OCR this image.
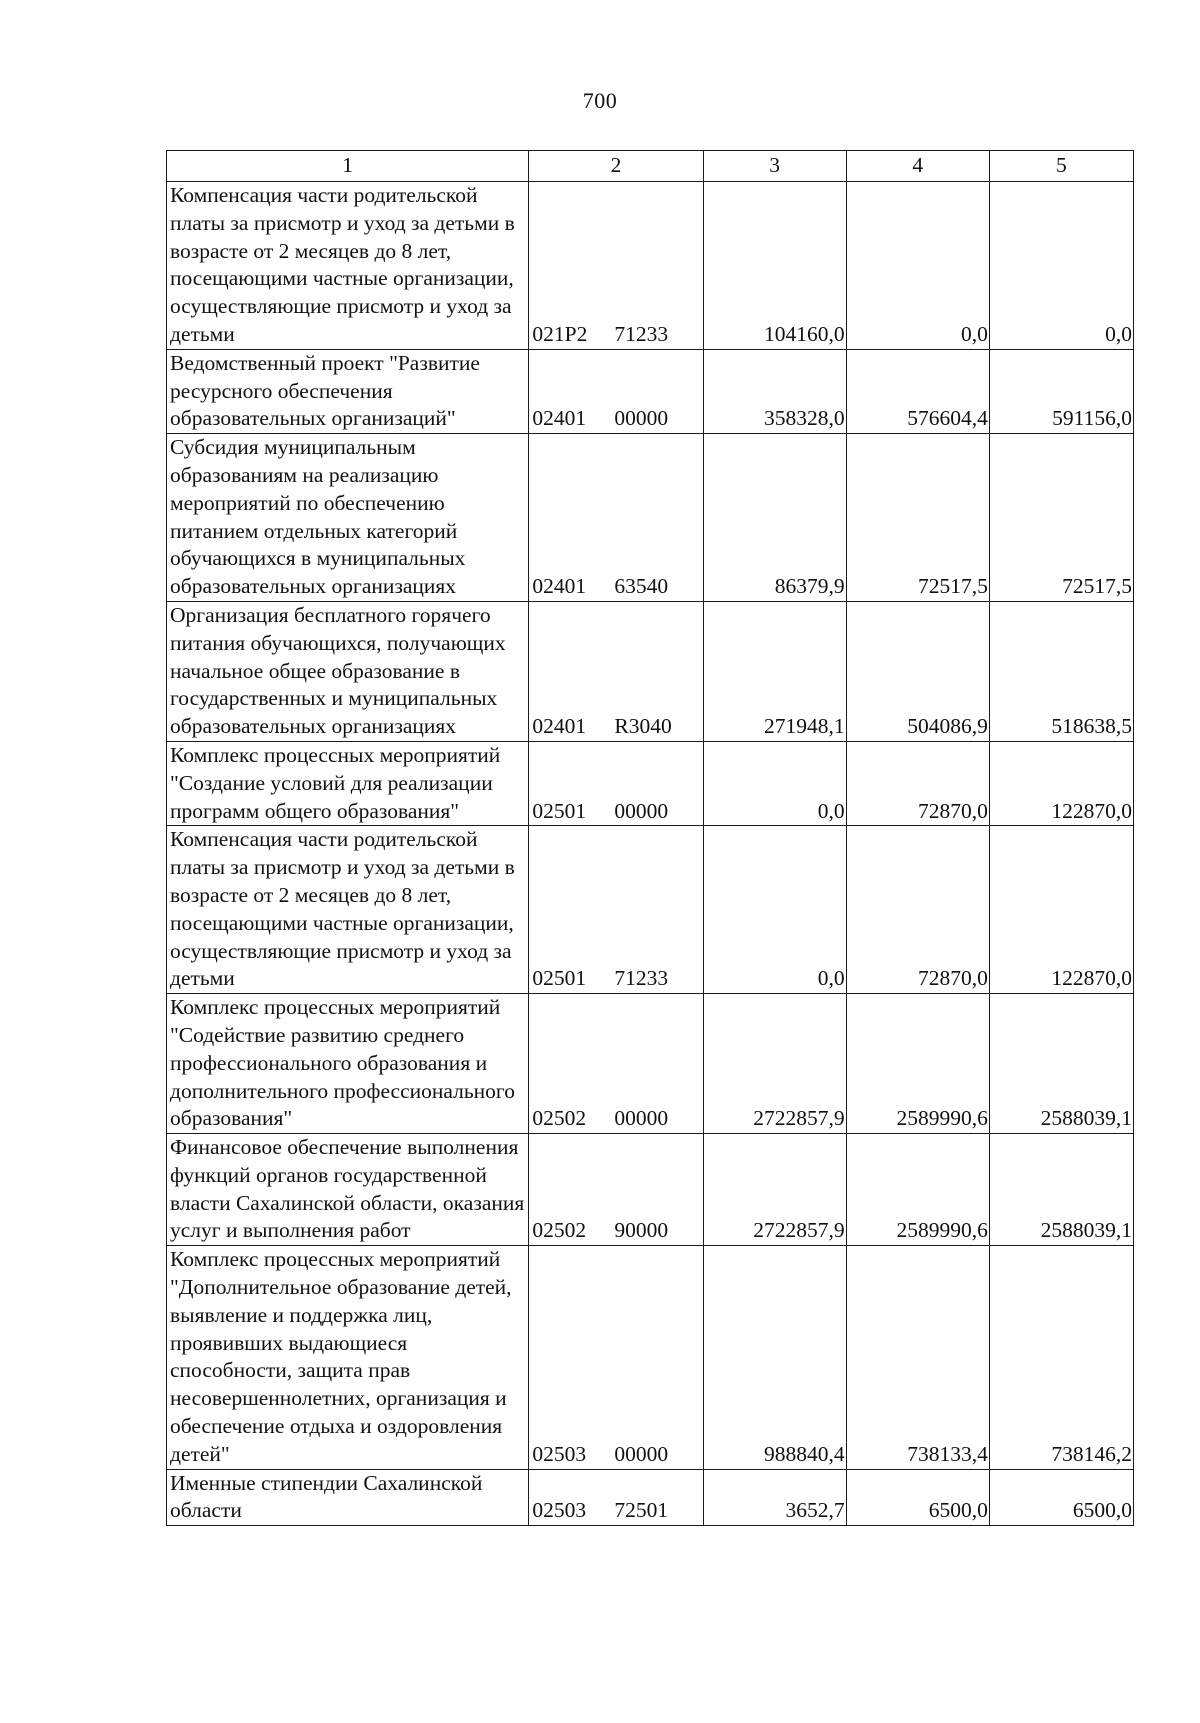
700
1	2	3	4	5
Компенсация части родительской платы за присмотр и уход за детьми в возрасте от 2 месяцев до 8 лет, посещающими частные организации, осуществляющие присмотр и уход за детьми	021P2 71233	104160,0	0,0	0,0
Ведомственный проект "Развитие ресурсного обеспечения образовательных организаций"	02401 00000	358328,0	576604,4	591156,0
Субсидия муниципальным образованиям на реализацию мероприятий по обеспечению питанием отдельных категорий обучающихся в муниципальных образовательных организациях	02401 63540	86379,9	72517,5	72517,5
Организация бесплатного горячего питания обучающихся, получающих начальное общее образование в государственных и муниципальных образовательных организациях	02401 R3040	271948,1	504086,9	518638,5
Комплекс процессных мероприятий "Создание условий для реализации программ общего образования"	02501 00000	0,0	72870,0	122870,0
Компенсация части родительской платы за присмотр и уход за детьми в возрасте от 2 месяцев до 8 лет, посещающими частные организации, осуществляющие присмотр и уход за детьми	02501 71233	0,0	72870,0	122870,0
Комплекс процессных мероприятий "Содействие развитию среднего профессионального образования и дополнительного профессионального образования"	02502 00000	2722857,9	2589990,6	2588039,1
Финансовое обеспечение выполнения функций органов государственной власти Сахалинской области, оказания услуг и выполнения работ	02502 90000	2722857,9	2589990,6	2588039,1
Комплекс процессных мероприятий "Дополнительное образование детей, выявление и поддержка лиц, проявивших выдающиеся способности, защита прав несовершеннолетних, организация и обеспечение отдыха и оздоровления детей"	02503 00000	988840,4	738133,4	738146,2
Именные стипендии Сахалинской области	02503 72501	3652,7	6500,0	6500,0
